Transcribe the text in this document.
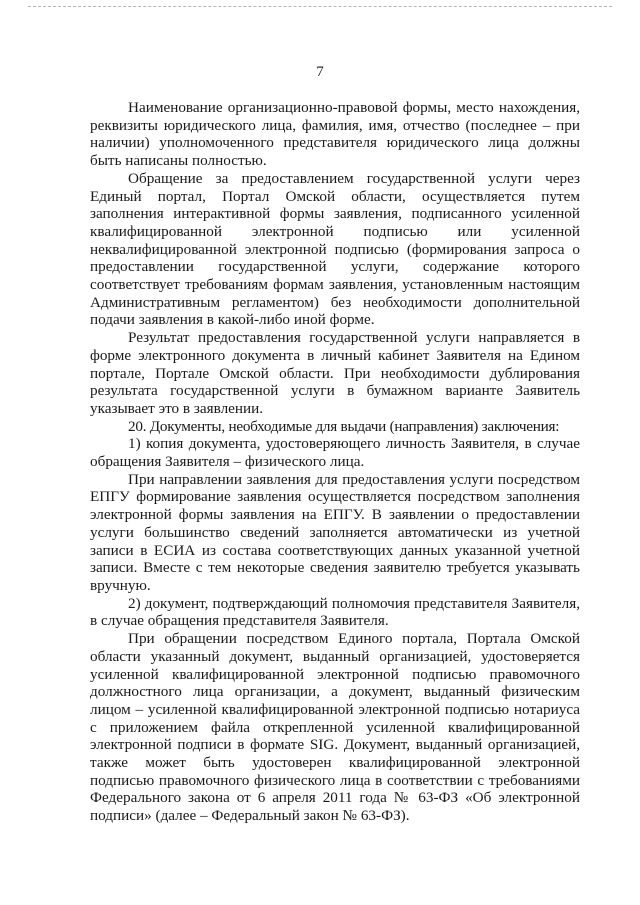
7

Наименование организационно-правовой формы, место нахождения, реквизиты юридического лица, фамилия, имя, отчество (последнее – при наличии) уполномоченного представителя юридического лица должны быть написаны полностью.

Обращение за предоставлением государственной услуги через Единый портал, Портал Омской области, осуществляется путем заполнения интерактивной формы заявления, подписанного усиленной квалифицированной электронной подписью или усиленной неквалифицированной электронной подписью (формирования запроса о предоставлении государственной услуги, содержание которого соответствует требованиям формам заявления, установленным настоящим Административным регламентом) без необходимости дополнительной подачи заявления в какой-либо иной форме.

Результат предоставления государственной услуги направляется в форме электронного документа в личный кабинет Заявителя на Едином портале, Портале Омской области. При необходимости дублирования результата государственной услуги в бумажном варианте Заявитель указывает это в заявлении.

20. Документы, необходимые для выдачи (направления) заключения:

1) копия документа, удостоверяющего личность Заявителя, в случае обращения Заявителя – физического лица.

При направлении заявления для предоставления услуги посредством ЕПГУ формирование заявления осуществляется посредством заполнения электронной формы заявления на ЕПГУ. В заявлении о предоставлении услуги большинство сведений заполняется автоматически из учетной записи в ЕСИА из состава соответствующих данных указанной учетной записи. Вместе с тем некоторые сведения заявителю требуется указывать вручную.

2) документ, подтверждающий полномочия представителя Заявителя, в случае обращения представителя Заявителя.

При обращении посредством Единого портала, Портала Омской области указанный документ, выданный организацией, удостоверяется усиленной квалифицированной электронной подписью правомочного должностного лица организации, а документ, выданный физическим лицом – усиленной квалифицированной электронной подписью нотариуса с приложением файла открепленной усиленной квалифицированной электронной подписи в формате SIG. Документ, выданный организацией, также может быть удостоверен квалифицированной электронной подписью правомочного физического лица в соответствии с требованиями Федерального закона от 6 апреля 2011 года № 63-ФЗ «Об электронной подписи» (далее – Федеральный закон № 63-ФЗ).
